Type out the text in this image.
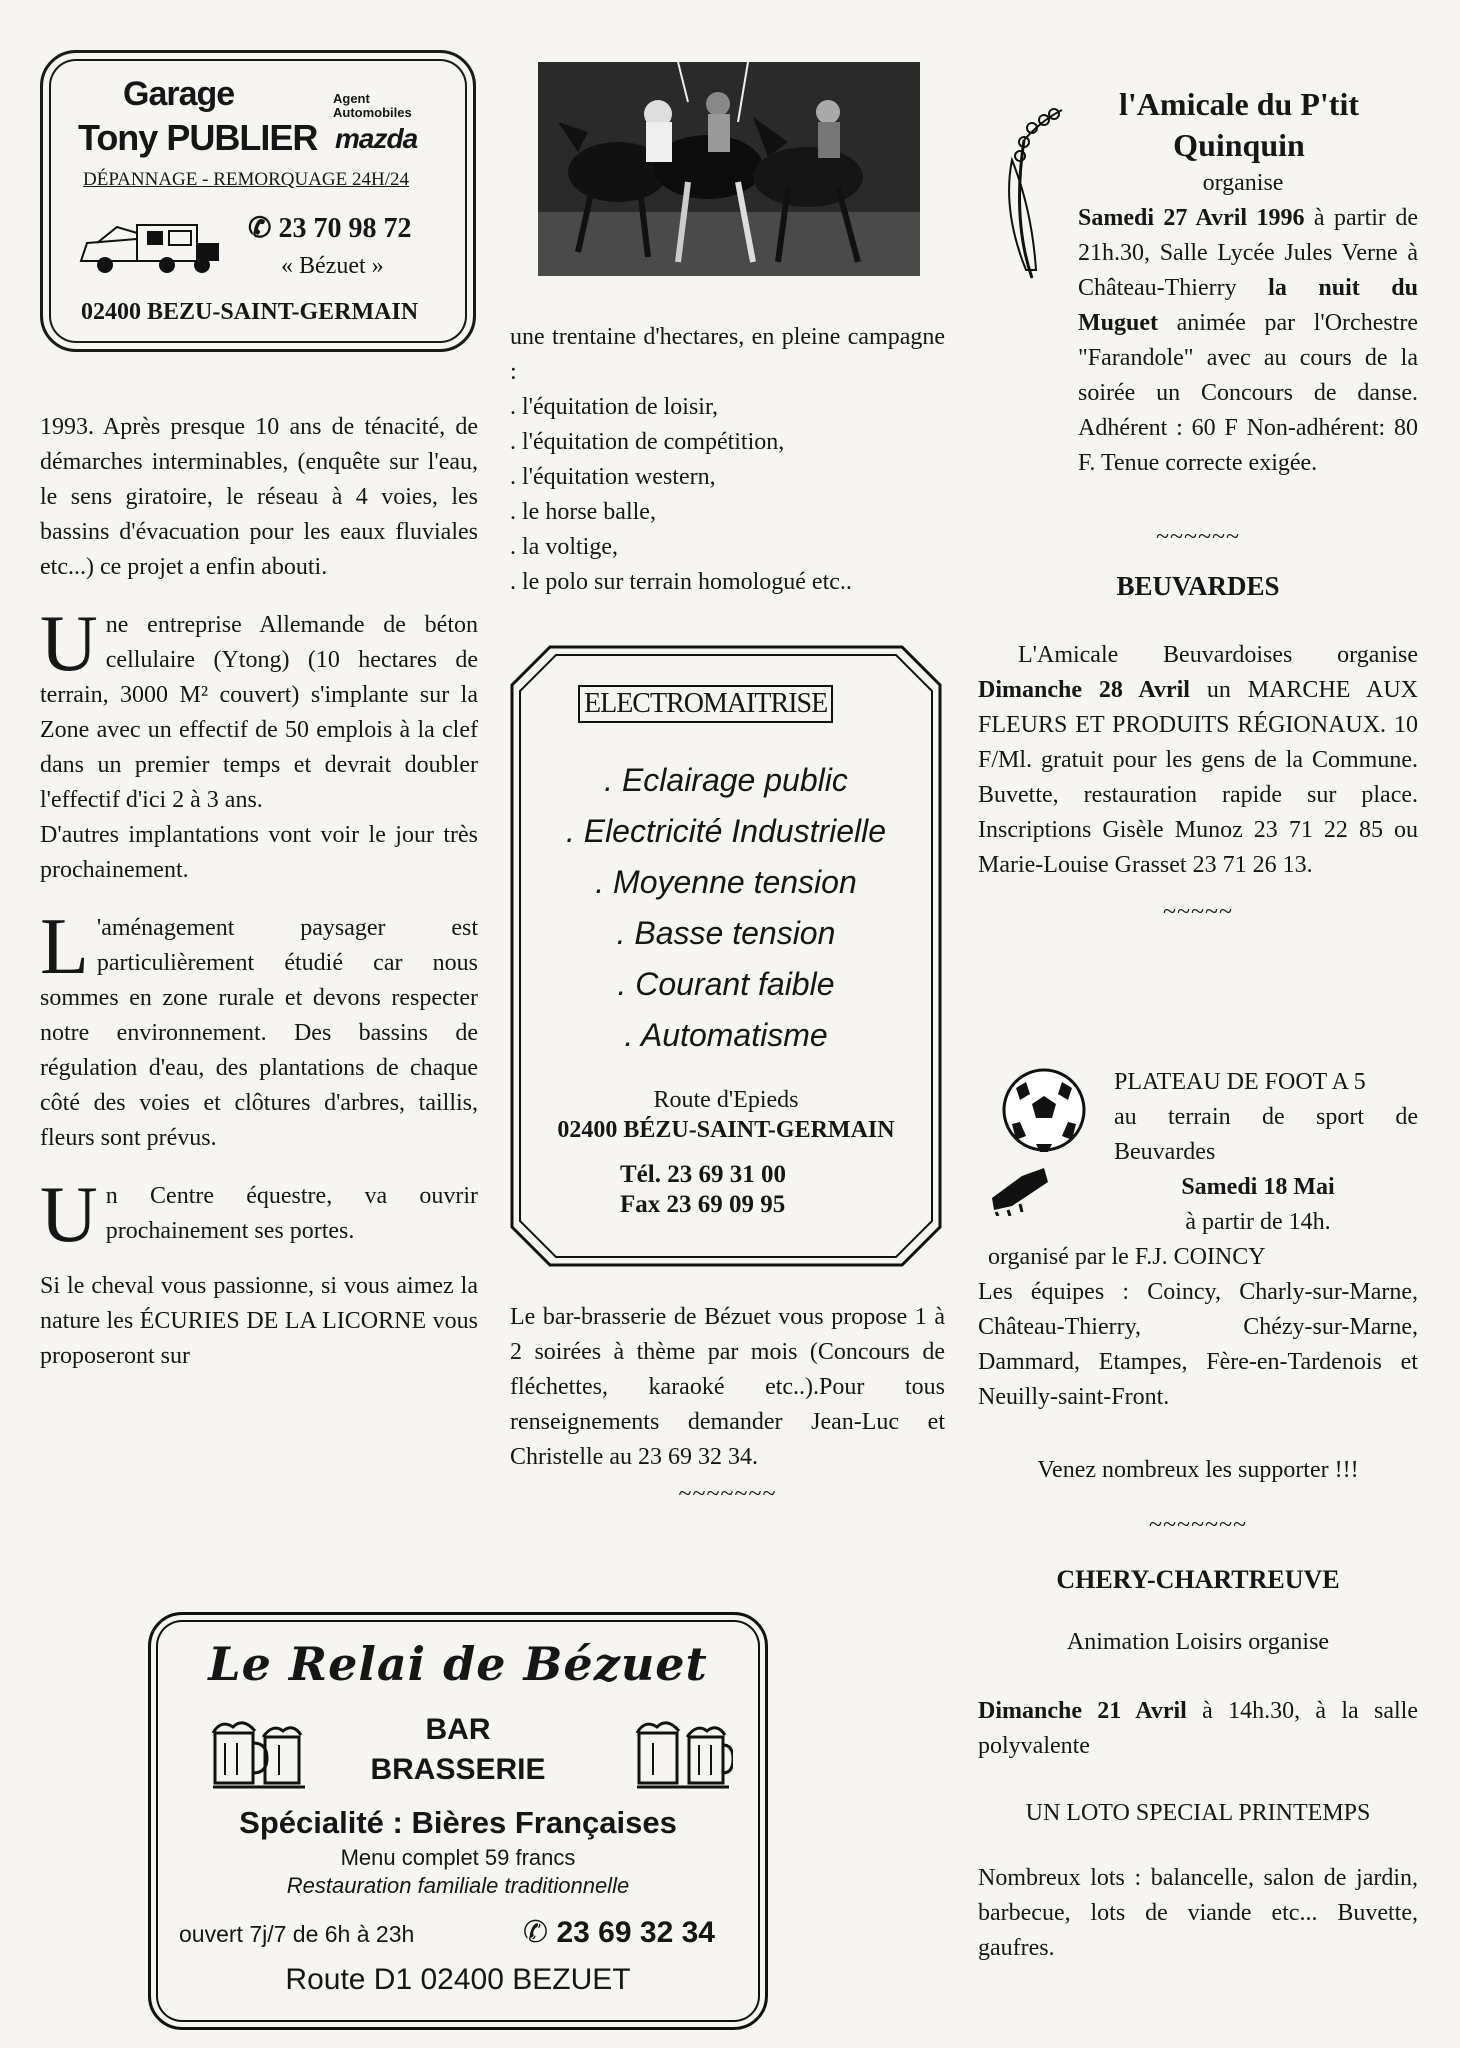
Garage
Tony PUBLIER
Agent
Automobiles
mazda
DÉPANNAGE - REMORQUAGE 24H/24
✆ 23 70 98 72
« Bézuet »
02400 BEZU-SAINT-GERMAIN

1993. Après presque 10 ans de ténacité, de démarches interminables, (enquête sur l'eau, le sens giratoire, le réseau à 4 voies, les bassins d'évacuation pour les eaux fluviales etc...) ce projet a enfin abouti.

U ne entreprise Allemande de béton cellulaire (Ytong) (10 hectares de terrain, 3000 M² couvert) s'implante sur la Zone avec un effectif de 50 emplois à la clef dans un premier temps et devrait doubler l'effectif d'ici 2 à 3 ans.

D'autres implantations vont voir le jour très prochainement.

L 'aménagement paysager est particulièrement étudié car nous sommes en zone rurale et devons respecter notre environnement. Des bassins de régulation d'eau, des plantations de chaque côté des voies et clôtures d'arbres, taillis, fleurs sont prévus.

U n Centre équestre, va ouvrir prochainement ses portes.

Si le cheval vous passionne, si vous aimez la nature les ÉCURIES DE LA LICORNE vous proposeront sur

une trentaine d'hectares, en pleine campagne :

. l'équitation de loisir,
. l'équitation de compétition,
. l'équitation western,
. le horse balle,
. la voltige,
. le polo sur terrain homologué etc..
ELECTROMAITRISE
. Eclairage public
. Electricité Industrielle
. Moyenne tension
. Basse tension
. Courant faible
. Automatisme
Route d'Epieds
02400 BÉZU-SAINT-GERMAIN
Tél. 23 69 31 00
Fax 23 69 09 95

Le bar-brasserie de Bézuet vous propose 1 à 2 soirées à thème par mois (Concours de fléchettes, karaoké etc..).Pour tous renseignements demander Jean-Luc et Christelle au 23 69 32 34.

~~~~~~~
Le Relai de Bézuet
BAR
BRASSERIE
Spécialité : Bières Françaises
Menu complet 59 francs
Restauration familiale traditionnelle
ouvert 7j/7 de 6h à 23h	✆ 23 69 32 34
Route D1 02400 BEZUET
l'Amicale du P'tit Quinquin
organise

Samedi 27 Avril 1996 à partir de 21h.30, Salle Lycée Jules Verne à Château-Thierry la nuit du Muguet animée par l'Orchestre "Farandole" avec au cours de la soirée un Concours de danse. Adhérent : 60 F Non-adhérent: 80 F. Tenue correcte exigée.

~~~~~~
BEUVARDES

L'Amicale Beuvardoises organise Dimanche 28 Avril un MARCHE AUX FLEURS ET PRODUITS RÉGIONAUX. 10 F/Ml. gratuit pour les gens de la Commune. Buvette, restauration rapide sur place. Inscriptions Gisèle Munoz 23 71 22 85 ou Marie-Louise Grasset 23 71 26 13.

~~~~~
PLATEAU DE FOOT A 5
au terrain de sport de Beuvardes
Samedi 18 Mai
à partir de 14h.
organisé par le F.J. COINCY

Les équipes : Coincy, Charly-sur-Marne, Château-Thierry, Chézy-sur-Marne, Dammard, Etampes, Fère-en-Tardenois et Neuilly-saint-Front.

Venez nombreux les supporter !!!
~~~~~~~
CHERY-CHARTREUVE
Animation Loisirs organise

Dimanche 21 Avril à 14h.30, à la salle polyvalente

UN LOTO SPECIAL PRINTEMPS

Nombreux lots : balancelle, salon de jardin, barbecue, lots de viande etc... Buvette, gaufres.
